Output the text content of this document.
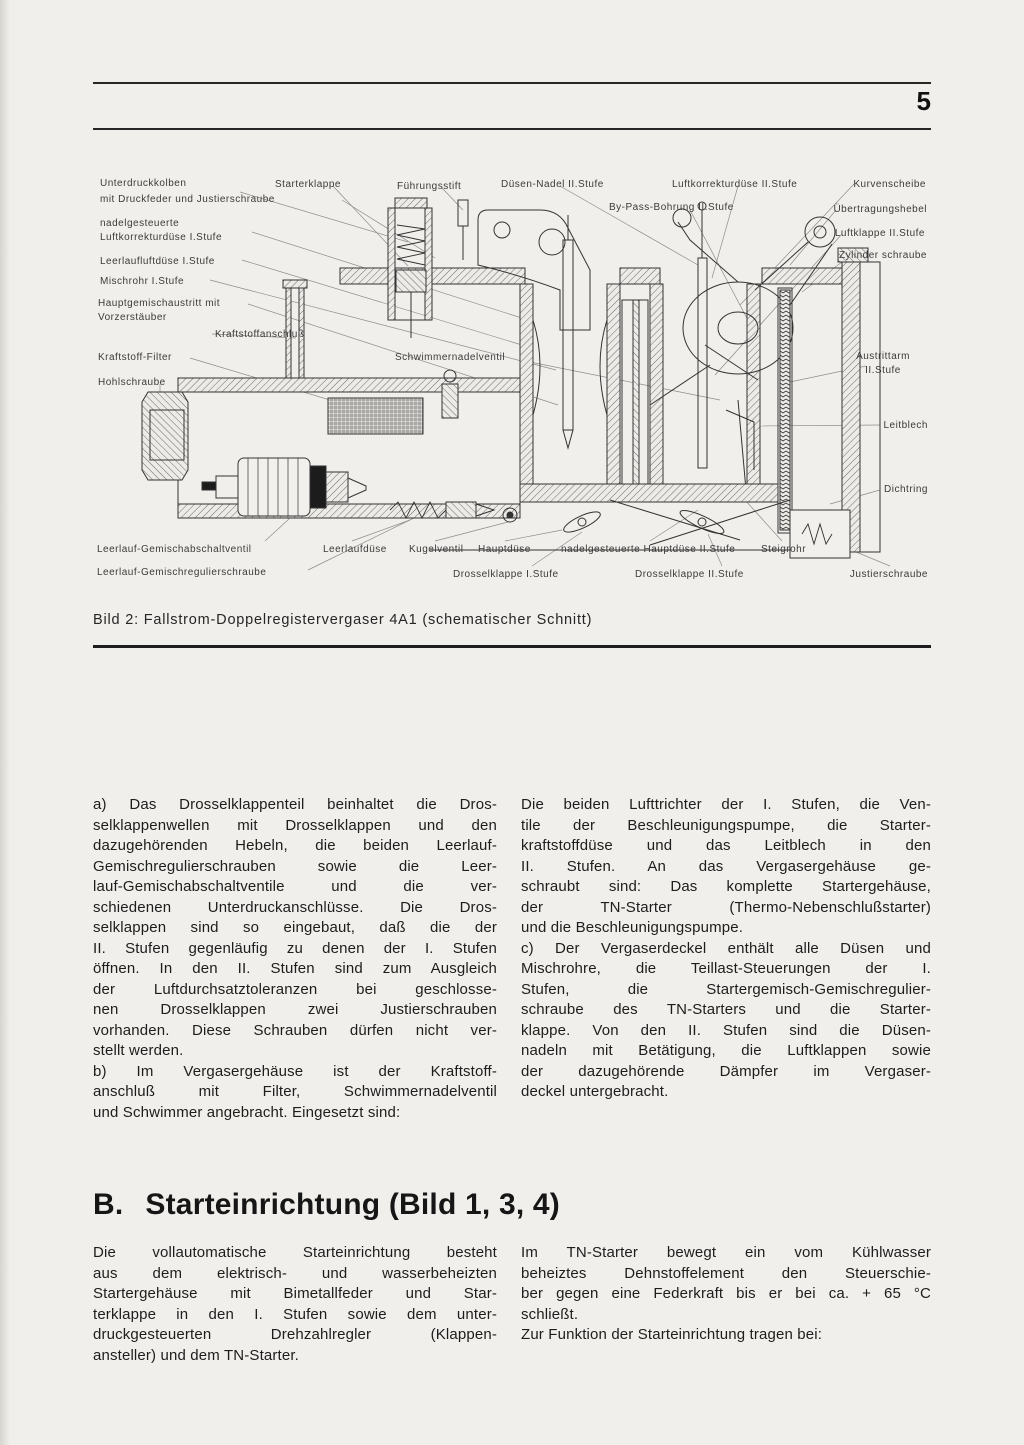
5
Unterdruckkolben
mit Druckfeder und Justierschraube
Starterklappe	Führungsstift	Düsen-Nadel II.Stufe	Luftkorrekturdüse II.Stufe	Kurvenscheibe
By-Pass-Bohrung II.Stufe	Übertragungshebel
nadelgesteuerte
Luftkorrekturdüse I.Stufe	Luftklappe II.Stufe
Leerlaufluftdüse I.Stufe
Zylinder schraube
Mischrohr I.Stufe
Hauptgemischaustritt mit
Vorzerstäuber
Kraftstoffanschluß
Kraftstoff-Filter	Schwimmernadelventil	Austrittarm
II.Stufe
Hohlschraube
Leitblech
Dichtring
Leerlauf-Gemischabschaltventil	Leerlaufdüse Kugelventil Hauptdüse	nadelgesteuerte Hauptdüse II.Stufe	Steigrohr
Leerlauf-Gemischregulierschraube	Drosselklappe I.Stufe	Drosselklappe II.Stufe	Justierschraube
Bild 2: Fallstrom-Doppelregistervergaser 4A1 (schematischer Schnitt)
a) Das Drosselklappenteil beinhaltet die Dros-
selklappenwellen mit Drosselklappen und den
dazugehörenden Hebeln, die beiden Leerlauf-
Gemischregulierschrauben sowie die Leer-
lauf-Gemischabschaltventile und die ver-
schiedenen Unterdruckanschlüsse. Die Dros-
selklappen sind so eingebaut, daß die der
II. Stufen gegenläufig zu denen der I. Stufen
öffnen. In den II. Stufen sind zum Ausgleich
der Luftdurchsatztoleranzen bei geschlosse-
nen Drosselklappen zwei Justierschrauben
vorhanden. Diese Schrauben dürfen nicht ver-
stellt werden.
b) Im Vergasergehäuse ist der Kraftstoff-
anschluß mit Filter, Schwimmernadelventil
und Schwimmer angebracht. Eingesetzt sind:
Die beiden Lufttrichter der I. Stufen, die Ven-
tile der Beschleunigungspumpe, die Starter-
kraftstoffdüse und das Leitblech in den
II. Stufen. An das Vergasergehäuse ge-
schraubt sind: Das komplette Startergehäuse,
der TN-Starter (Thermo-Nebenschlußstarter)
und die Beschleunigungspumpe.
c) Der Vergaserdeckel enthält alle Düsen und
Mischrohre, die Teillast-Steuerungen der I.
Stufen, die Startergemisch-Gemischregulier-
schraube des TN-Starters und die Starter-
klappe. Von den II. Stufen sind die Düsen-
nadeln mit Betätigung, die Luftklappen sowie
der dazugehörende Dämpfer im Vergaser-
deckel untergebracht.
B. Starteinrichtung (Bild 1, 3, 4)
Die vollautomatische Starteinrichtung besteht
aus dem elektrisch- und wasserbeheizten
Startergehäuse mit Bimetallfeder und Star-
terklappe in den I. Stufen sowie dem unter-
druckgesteuerten Drehzahlregler (Klappen-
ansteller) und dem TN-Starter.
Im TN-Starter bewegt ein vom Kühlwasser
beheiztes Dehnstoffelement den Steuerschie-
ber gegen eine Federkraft bis er bei ca. + 65 °C
schließt.
Zur Funktion der Starteinrichtung tragen bei:
